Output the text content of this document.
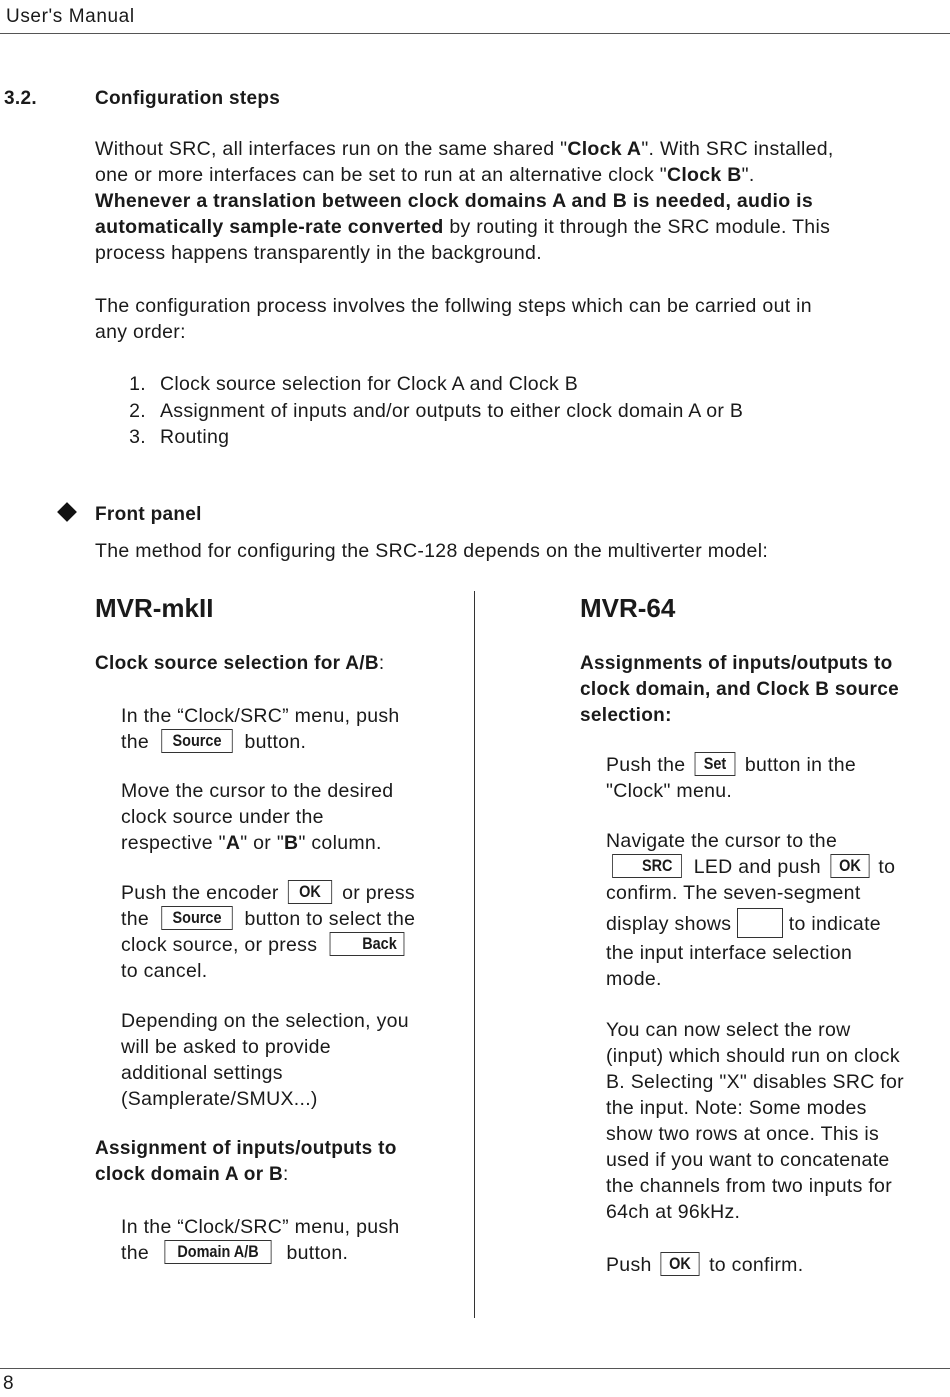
User's Manual
3.2.	Configuration steps
Without SRC, all interfaces run on the same shared "Clock A". With SRC installed,
one or more interfaces can be set to run at an alternative clock "Clock B".
Whenever a translation between clock domains A and B is needed, audio is
automatically sample-rate converted by routing it through the SRC module. This
process happens transparently in the background.
The configuration process involves the follwing steps which can be carried out in
any order:
1. Clock source selection for Clock A and Clock B
2. Assignment of inputs and/or outputs to either clock domain A or B
3. Routing
Front panel
The method for configuring the SRC-128 depends on the multiverter model:
MVR-mkII
Clock source selection for A/B:
In the “Clock/SRC” menu, push
the Source button.
Move the cursor to the desired
clock source under the
respective "A" or "B" column.
Push the encoder OK or press
the Source button to select the
clock source, or press	Back
to cancel.
Depending on the selection, you
will be asked to provide
additional settings
(Samplerate/SMUX...)
Assignment of inputs/outputs to
clock domain A or B:
In the “Clock/SRC” menu, push
the Domain A/B button.
MVR-64
Assignments of inputs/outputs to
clock domain, and Clock B source
selection:
Push the Set button in the
"Clock" menu.
Navigate the cursor to the
SRC LED and push OK to
confirm. The seven-segment
display shows	to indicate
the input interface selection
mode.
You can now select the row
(input) which should run on clock
B. Selecting "X" disables SRC for
the input. Note: Some modes
show two rows at once. This is
used if you want to concatenate
the channels from two inputs for
64ch at 96kHz.
Push OK to confirm.
8
